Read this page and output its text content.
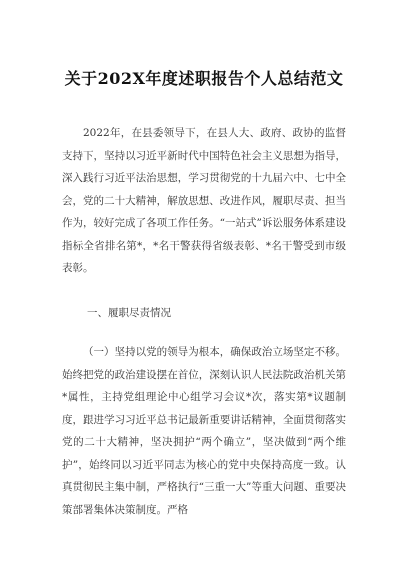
关于202X年度述职报告个人总结范文
2022年，在县委领导下，在县人大、政府、政协的监督支持下，坚持以习近平新时代中国特色社会主义思想为指导，深入践行习近平法治思想，学习贯彻党的十九届六中、七中全会，党的二十大精神，解放思想、改进作风，履职尽责、担当作为，较好完成了各项工作任务。“一站式”诉讼服务体系建设指标全省排名第*，*名干警获得省级表彰、*名干警受到市级表彰。
一、履职尽责情况
（一）坚持以党的领导为根本，确保政治立场坚定不移。始终把党的政治建设摆在首位，深刻认识人民法院政治机关第*属性，主持党组理论中心组学习会议*次，落实第*议题制度，跟进学习习近平总书记最新重要讲话精神，全面贯彻落实党的二十大精神，坚决拥护“两个确立”，坚决做到“两个维护”，始终同以习近平同志为核心的党中央保持高度一致。认真贯彻民主集中制，严格执行“三重一大”等重大问题、重要决策部署集体决策制度。严格
